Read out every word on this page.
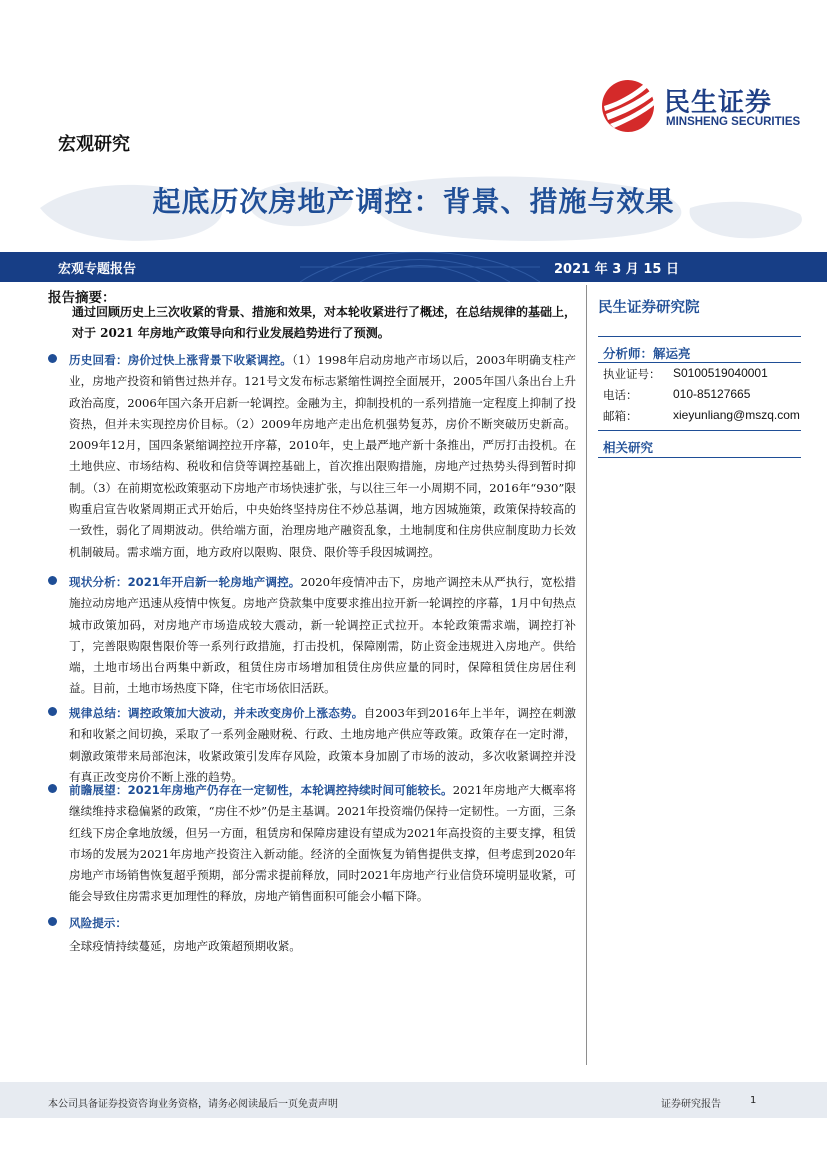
民生证券
MINSHENG SECURITIES
宏观研究
起底历次房地产调控：背景、措施与效果
宏观专题报告	2021 年 3 月 15 日
报告摘要：
通过回顾历史上三次收紧的背景、措施和效果，对本轮收紧进行了概述，在总结规律的基础上，对于 2021 年房地产政策导向和行业发展趋势进行了预测。
历史回看：房价过快上涨背景下收紧调控。（1）1998年启动房地产市场以后，2003年明确支柱产业，房地产投资和销售过热并存。121号文发布标志紧缩性调控全面展开，2005年国八条出台上升政治高度，2006年国六条开启新一轮调控。金融为主，抑制投机的一系列措施一定程度上抑制了投资热，但并未实现控房价目标。（2）2009年房地产走出危机强势复苏，房价不断突破历史新高。2009年12月，国四条紧缩调控拉开序幕，2010年，史上最严地产新十条推出，严厉打击投机。在土地供应、市场结构、税收和信贷等调控基础上，首次推出限购措施，房地产过热势头得到暂时抑制。（3）在前期宽松政策驱动下房地产市场快速扩张，与以往三年一小周期不同，2016年“930”限购重启宣告收紧周期正式开始后，中央始终坚持房住不炒总基调，地方因城施策，政策保持较高的一致性，弱化了周期波动。供给端方面，治理房地产融资乱象，土地制度和住房供应制度助力长效机制破局。需求端方面，地方政府以限购、限贷、限价等手段因城调控。
现状分析：2021年开启新一轮房地产调控。2020年疫情冲击下，房地产调控未从严执行，宽松措施拉动房地产迅速从疫情中恢复。房地产贷款集中度要求推出拉开新一轮调控的序幕，1月中旬热点城市政策加码，对房地产市场造成较大震动，新一轮调控正式拉开。本轮政策需求端，调控打补丁，完善限购限售限价等一系列行政措施，打击投机，保障刚需，防止资金违规进入房地产。供给端，土地市场出台两集中新政，租赁住房市场增加租赁住房供应量的同时，保障租赁住房居住利益。目前，土地市场热度下降，住宅市场依旧活跃。
规律总结：调控政策加大波动，并未改变房价上涨态势。自2003年到2016年上半年，调控在刺激和和收紧之间切换，采取了一系列金融财税、行政、土地房地产供应等政策。政策存在一定时滞，刺激政策带来局部泡沫，收紧政策引发库存风险，政策本身加剧了市场的波动，多次收紧调控并没有真正改变房价不断上涨的趋势。
前瞻展望：2021年房地产仍存在一定韧性，本轮调控持续时间可能较长。2021年房地产大概率将继续维持求稳偏紧的政策，“房住不炒”仍是主基调。2021年投资端仍保持一定韧性。一方面，三条红线下房企拿地放缓，但另一方面，租赁房和保障房建设有望成为2021年高投资的主要支撑，租赁市场的发展为2021年房地产投资注入新动能。经济的全面恢复为销售提供支撑，但考虑到2020年房地产市场销售恢复超乎预期，部分需求提前释放，同时2021年房地产行业信贷环境明显收紧，可能会导致住房需求更加理性的释放，房地产销售面积可能会小幅下降。
风险提示：
全球疫情持续蔓延，房地产政策超预期收紧。
民生证券研究院
分析师：解运亮
执业证号： S0100519040001
电话：	010-85127665
邮箱：	xieyunliang@mszq.com
相关研究
本公司具备证券投资咨询业务资格，请务必阅读最后一页免责声明	证券研究报告	1
